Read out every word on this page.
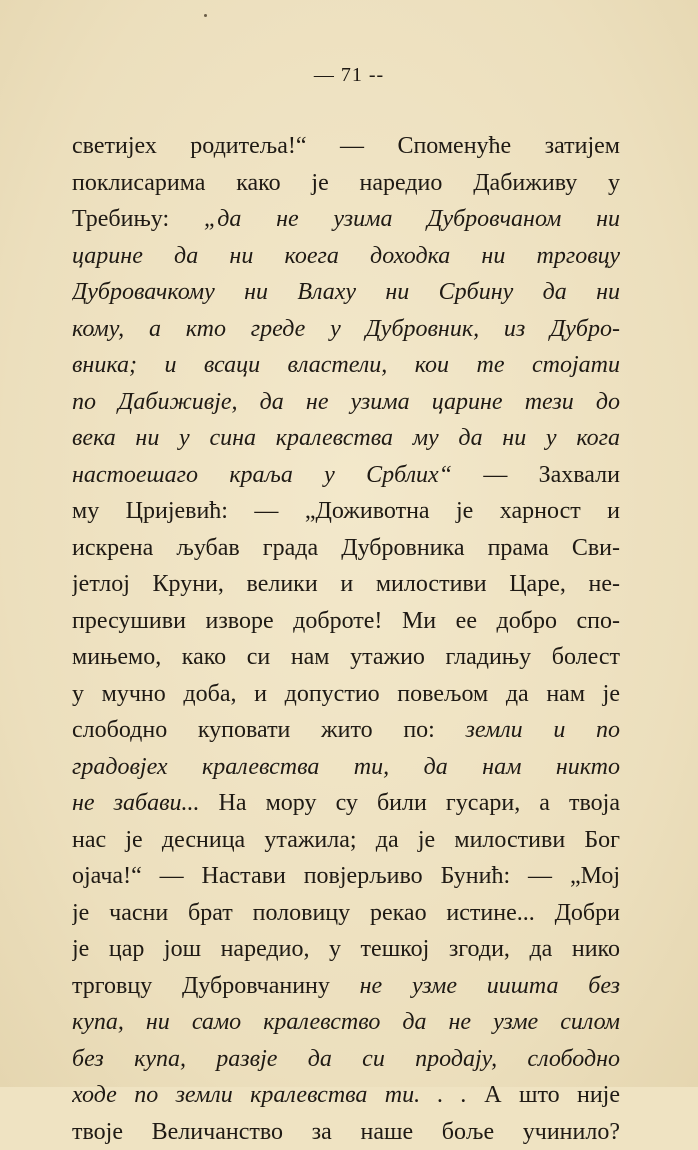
— 71 --
светијех родитеља!“ — Споменуће затијем
поклисарима како је наредио Дабиживу у
Требињу: „да не узима Дубровчаном ни
царине да ни коега доходка ни трговцу
Дубровачкому ни Влаху ни Србину да ни
кому, а кто греде у Дубровник, из Дубро-
вника; и всаци властели, кои те стојати
по Дабиживје, да не узима царине тези до
века ни у сина кралевства му да ни у кога
настоешаго краља у Срблих“ — Захвали
му Цријевић: — „Доживотна је харност и
искрена љубав града Дубровника прама Сви-
јетлој Круни, велики и милостиви Царе, не-
пресушиви изворе доброте! Ми ее добро спо-
мињемо, како си нам утажио гладињу болест
у мучно доба, и допустио повељом да нам је
слободно куповати жито по: земли и по
градовјех кралевства ти, да нам никто
не забави... На мору су били гусари, а твоја
нас је десница утажила; да је милостиви Бог
ојача!“ — Настави повјерљиво Бунић: — „Мој
је часни брат половицу рекао истине... Добри
је цар још наредио, у тешкој згоди, да нико
трговцу Дубровчанину не узме иишта без
купа, ни само кралевство да не узме силом
без купа, развје да си продају, слободно
ходе по земли кралевства ти. . . А што није
твоје Величанство за наше боље учинило?
